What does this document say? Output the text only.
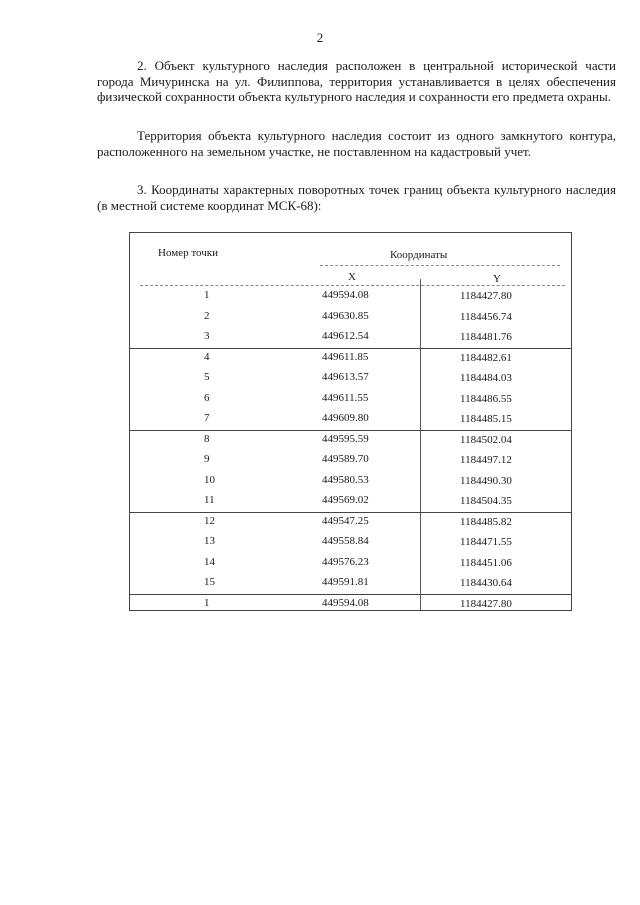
2

2. Объект культурного наследия расположен в центральной исторической части города Мичуринска на ул. Филиппова, территория устанавливается в целях обеспечения физической сохранности объекта культурного наследия и сохранности его предмета охраны.

Территория объекта культурного наследия состоит из одного замкнутого контура, расположенного на земельном участке, не поставленном на кадастровый учет.

3. Координаты характерных поворотных точек границ объекта культурного наследия (в местной системе координат МСК-68):

Номер точки	Координаты
X	Y
1	449594.08	1184427.80
2	449630.85	1184456.74
3	449612.54	1184481.76
4	449611.85	1184482.61
5	449613.57	1184484.03
6	449611.55	1184486.55
7	449609.80	1184485.15
8	449595.59	1184502.04
9	449589.70	1184497.12
10	449580.53	1184490.30
11	449569.02	1184504.35
12	449547.25	1184485.82
13	449558.84	1184471.55
14	449576.23	1184451.06
15	449591.81	1184430.64
1	449594.08	1184427.80
